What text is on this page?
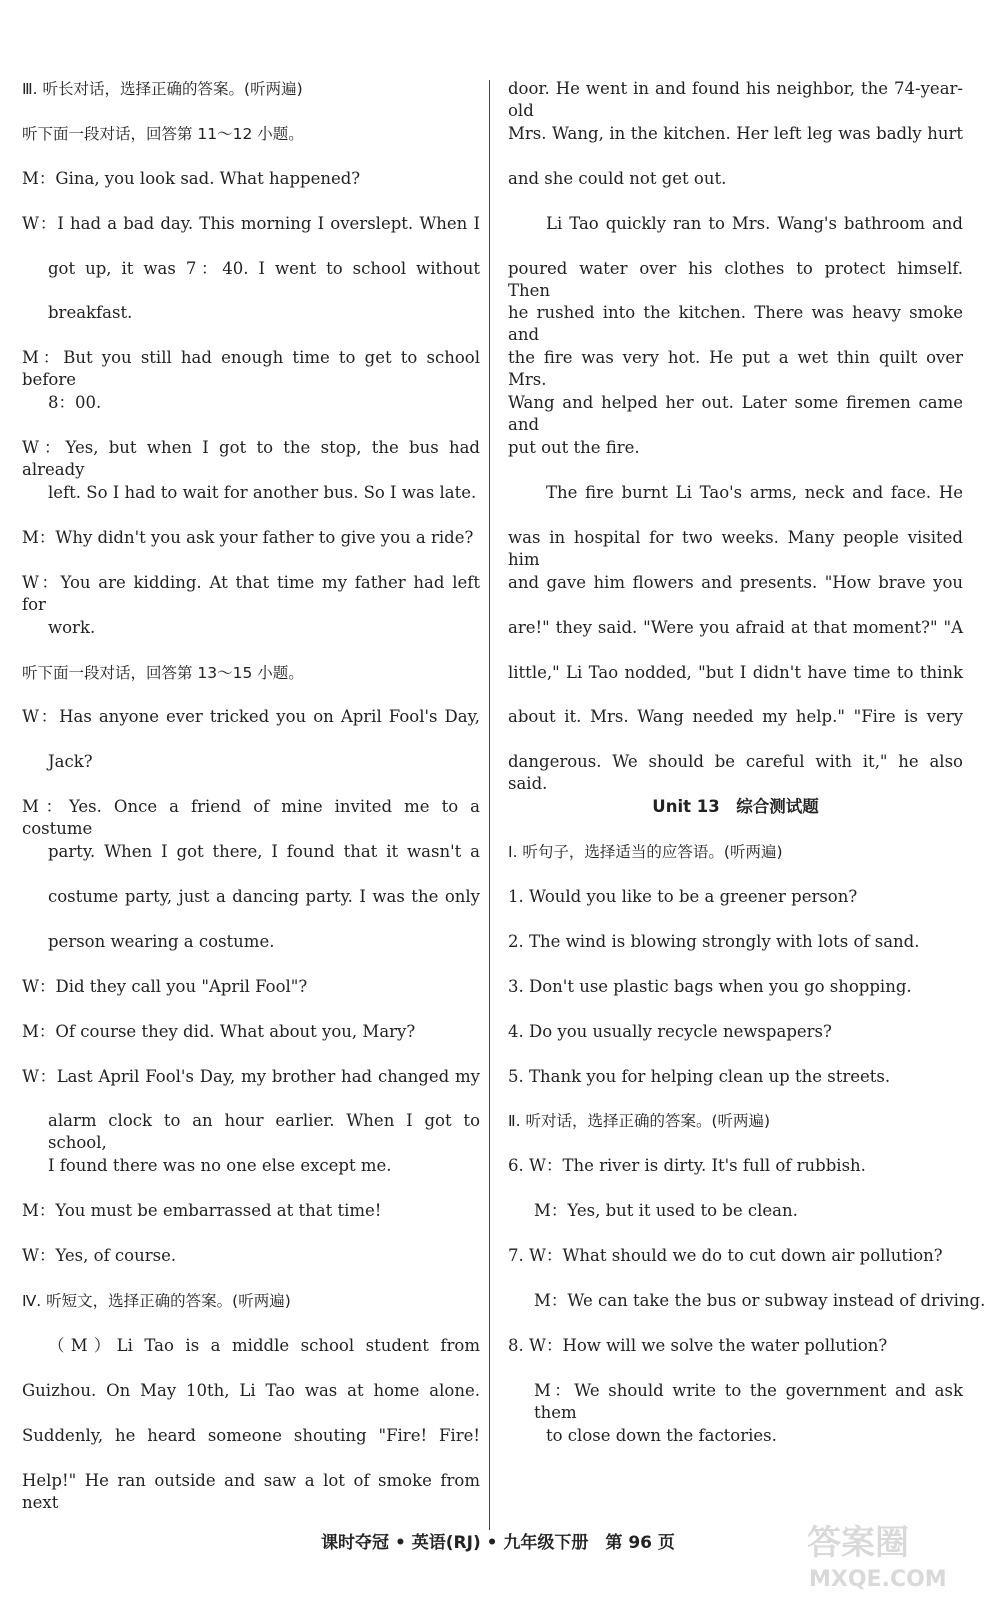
Ⅲ. 听长对话，选择正确的答案。(听两遍)
听下面一段对话，回答第 11～12 小题。
M：Gina, you look sad. What happened?
W：I had a bad day. This morning I overslept. When I
got up, it was 7：40. I went to school without
breakfast.
M：But you still had enough time to get to school before
8：00.
W：Yes, but when I got to the stop, the bus had already
left. So I had to wait for another bus. So I was late.
M：Why didn't you ask your father to give you a ride?
W：You are kidding. At that time my father had left for
work.
听下面一段对话，回答第 13～15 小题。
W：Has anyone ever tricked you on April Fool's Day,
Jack?
M：Yes. Once a friend of mine invited me to a costume
party. When I got there, I found that it wasn't a
costume party, just a dancing party. I was the only
person wearing a costume.
W：Did they call you "April Fool"?
M：Of course they did. What about you, Mary?
W：Last April Fool's Day, my brother had changed my
alarm clock to an hour earlier. When I got to school,
I found there was no one else except me.
M：You must be embarrassed at that time!
W：Yes, of course.
Ⅳ. 听短文，选择正确的答案。(听两遍)
（M）Li Tao is a middle school student from
Guizhou. On May 10th, Li Tao was at home alone.
Suddenly, he heard someone shouting "Fire! Fire!
Help!" He ran outside and saw a lot of smoke from next
door. He went in and found his neighbor, the 74-year-old
Mrs. Wang, in the kitchen. Her left leg was badly hurt
and she could not get out.
Li Tao quickly ran to Mrs. Wang's bathroom and
poured water over his clothes to protect himself. Then
he rushed into the kitchen. There was heavy smoke and
the fire was very hot. He put a wet thin quilt over Mrs.
Wang and helped her out. Later some firemen came and
put out the fire.
The fire burnt Li Tao's arms, neck and face. He
was in hospital for two weeks. Many people visited him
and gave him flowers and presents. "How brave you
are!" they said. "Were you afraid at that moment?" "A
little," Li Tao nodded, "but I didn't have time to think
about it. Mrs. Wang needed my help." "Fire is very
dangerous. We should be careful with it," he also said.
Unit 13　综合测试题
Ⅰ. 听句子，选择适当的应答语。(听两遍)
1. Would you like to be a greener person?
2. The wind is blowing strongly with lots of sand.
3. Don't use plastic bags when you go shopping.
4. Do you usually recycle newspapers?
5. Thank you for helping clean up the streets.
Ⅱ. 听对话，选择正确的答案。(听两遍)
6. W：The river is dirty. It's full of rubbish.
M：Yes, but it used to be clean.
7. W：What should we do to cut down air pollution?
M：We can take the bus or subway instead of driving.
8. W：How will we solve the water pollution?
M：We should write to the government and ask them
to close down the factories.
课时夺冠 • 英语(RJ) • 九年级下册　第 96 页	答案圈
MXQE.COM
